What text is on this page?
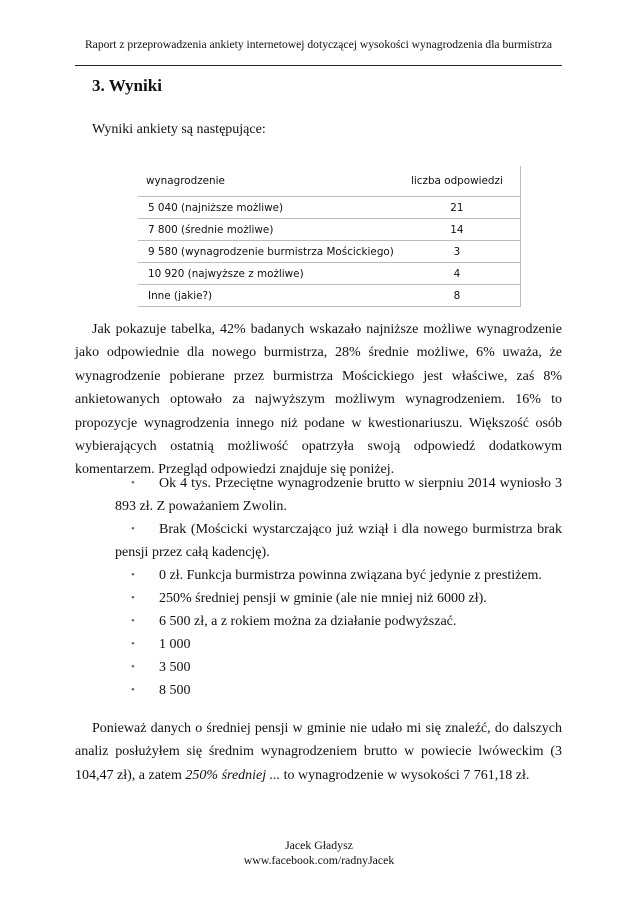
Raport z przeprowadzenia ankiety internetowej dotyczącej wysokości wynagrodzenia dla burmistrza
3. Wyniki

Wyniki ankiety są następujące:

wynagrodzenie	liczba odpowiedzi
5 040 (najniższe możliwe)	21
7 800 (średnie możliwe)	14
9 580 (wynagrodzenie burmistrza Mościckiego)	3
10 920 (najwyższe z możliwe)	4
Inne (jakie?)	8

Jak pokazuje tabelka, 42% badanych wskazało najniższe możliwe wynagrodzenie jako odpowiednie dla nowego burmistrza, 28% średnie możliwe, 6% uważa, że wynagrodzenie pobierane przez burmistrza Mościckiego jest właściwe, zaś 8% ankietowanych optowało za najwyższym możliwym wynagrodzeniem. 16% to propozycje wynagrodzenia innego niż podane w kwestionariuszu. Większość osób wybierających ostatnią możliwość opatrzyła swoją odpowiedź dodatkowym komentarzem. Przegląd odpowiedzi znajduje się poniżej.

• Ok 4 tys. Przeciętne wynagrodzenie brutto w sierpniu 2014 wyniosło 3 893 zł. Z poważaniem Zwolin.

• Brak (Mościcki wystarczająco już wziął i dla nowego burmistrza brak pensji przez całą kadencję).

• 0 zł. Funkcja burmistrza powinna związana być jedynie z prestiżem.

• 250% średniej pensji w gminie (ale nie mniej niż 6000 zł).

• 6 500 zł, a z rokiem można za działanie podwyższać.

• 1 000

• 3 500

• 8 500

Ponieważ danych o średniej pensji w gminie nie udało mi się znaleźć, do dalszych analiz posłużyłem się średnim wynagrodzeniem brutto w powiecie lwóweckim (3 104,47 zł), a zatem 250% średniej ... to wynagrodzenie w wysokości 7 761,18 zł.

Jacek Gładysz
www.facebook.com/radnyJacek
